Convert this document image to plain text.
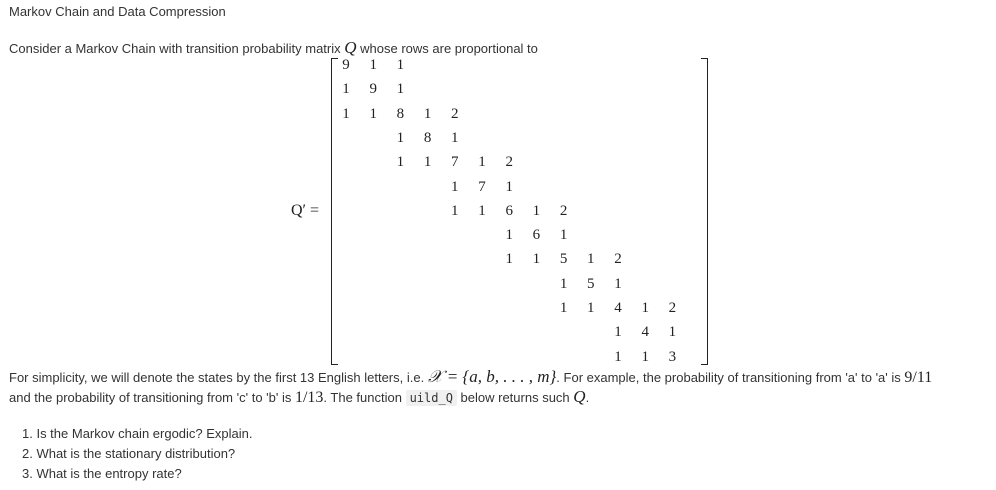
Markov Chain and Data Compression
Consider a Markov Chain with transition probability matrix Q whose rows are proportional to
Q′ =
9 1 1
1 9 1
1 1 8 1 2
1 8 1
1 1 7 1 2
1 7 1
1 1 6 1 2
1 6 1
1 1 5 1 2
1 5 1
1 1 4 1 2
1 4 1
1 1 3
For simplicity, we will denote the states by the first 13 English letters, i.e. 𝒳 = {a, b, . . . , m}. For example, the probability of transitioning from 'a' to 'a' is 9/11
and the probability of transitioning from 'c' to 'b' is 1/13. The function uild_Q below returns such Q.
1. Is the Markov chain ergodic? Explain.
2. What is the stationary distribution?
3. What is the entropy rate?
